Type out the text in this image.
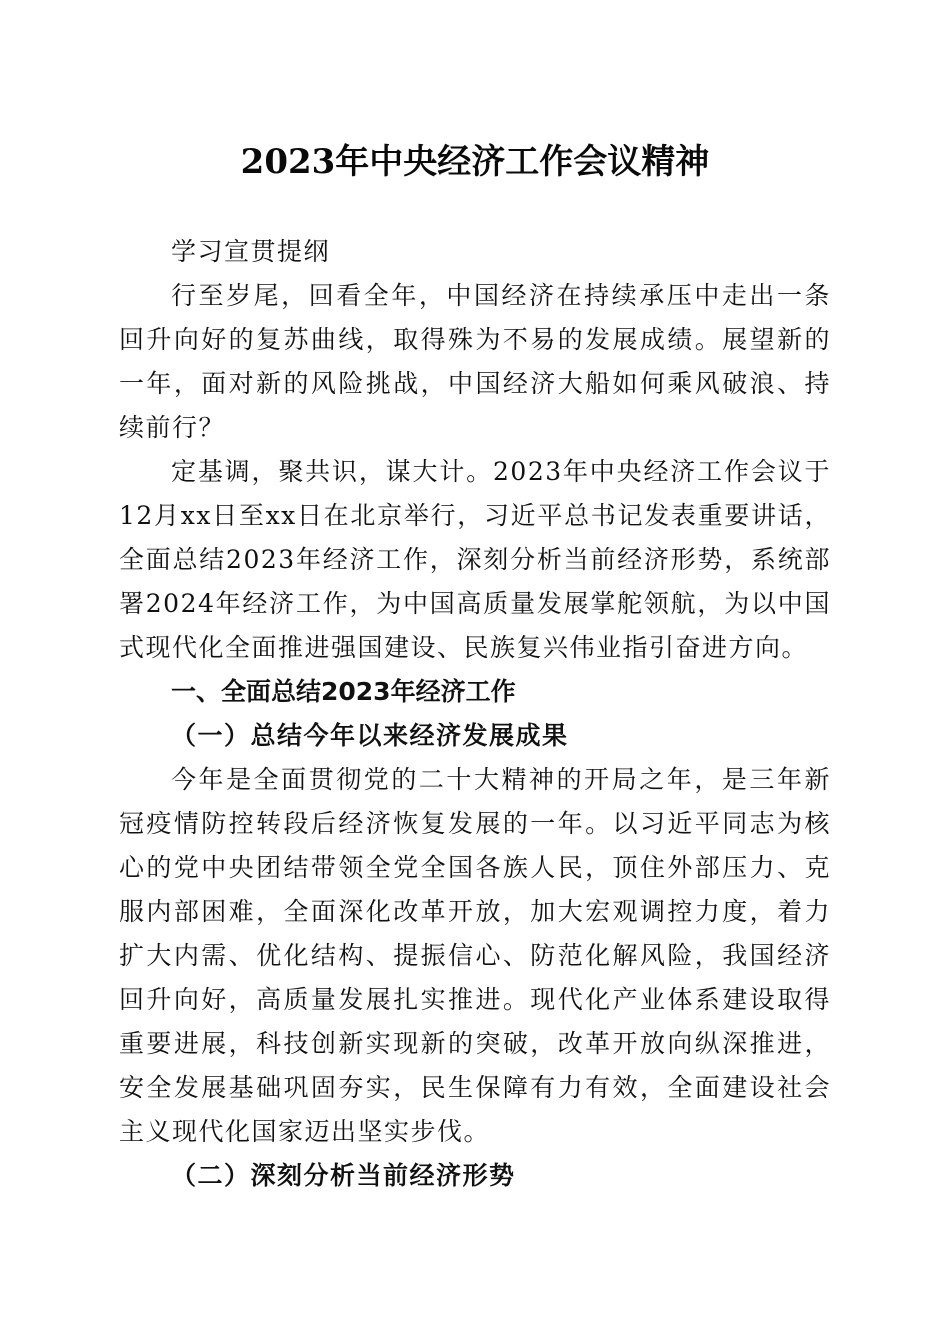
2023年中央经济工作会议精神

学习宣贯提纲

行至岁尾，回看全年，中国经济在持续承压中走出一条回升向好的复苏曲线，取得殊为不易的发展成绩。展望新的一年，面对新的风险挑战，中国经济大船如何乘风破浪、持续前行？

定基调，聚共识，谋大计。2023年中央经济工作会议于12月xx日至xx日在北京举行，习近平总书记发表重要讲话，全面总结2023年经济工作，深刻分析当前经济形势，系统部署2024年经济工作，为中国高质量发展掌舵领航，为以中国式现代化全面推进强国建设、民族复兴伟业指引奋进方向。

一、全面总结2023年经济工作

（一）总结今年以来经济发展成果

今年是全面贯彻党的二十大精神的开局之年，是三年新冠疫情防控转段后经济恢复发展的一年。以习近平同志为核心的党中央团结带领全党全国各族人民，顶住外部压力、克服内部困难，全面深化改革开放，加大宏观调控力度，着力扩大内需、优化结构、提振信心、防范化解风险，我国经济回升向好，高质量发展扎实推进。现代化产业体系建设取得重要进展，科技创新实现新的突破，改革开放向纵深推进，安全发展基础巩固夯实，民生保障有力有效，全面建设社会主义现代化国家迈出坚实步伐。

（二）深刻分析当前经济形势
